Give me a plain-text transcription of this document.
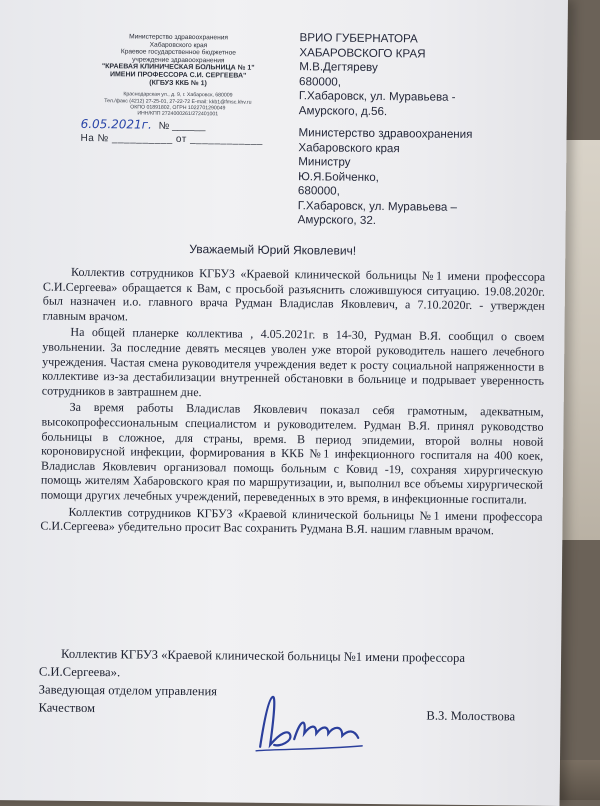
Министерство здравоохранения
Хабаровского края
Краевое государственное бюджетное
учреждение здравоохранения
"КРАЕВАЯ КЛИНИЧЕСКАЯ БОЛЬНИЦА № 1"
ИМЕНИ ПРОФЕССОРА С.И. СЕРГЕЕВА"
(КГБУЗ ККБ № 1)
Краснодарская ул., д. 9, г. Хабаровск, 680009
Тел./факс (4212) 27-25-01, 27-22-72 E-mail: kkb1@fmsc.khv.ru
ОКПО 01891802, ОГРН 1022701290049
ИНН/КПП 2724000261/272401001
6.05.2021г. № ______
На № __________ от ____________
ВРИО ГУБЕРНАТОРА
ХАБАРОВСКОГО КРАЯ
М.В.Дегтяреву
680000,
Г.Хабаровск, ул. Муравьева -
Амурского, д.56.
Министерство здравоохранения
Хабаровского края
Министру
Ю.Я.Бойченко,
680000,
Г.Хабаровск, ул. Муравьева –
Амурского, 32.
Уважаемый Юрий Яковлевич!

Коллектив сотрудников КГБУЗ «Краевой клинической больницы №1 имени профессора С.И.Сергеева» обращается к Вам, с просьбой разъяснить сложившуюся ситуацию. 19.08.2020г. был назначен и.о. главного врача Рудман Владислав Яковлевич, а 7.10.2020г. - утвержден главным врачом.

На общей планерке коллектива , 4.05.2021г. в 14-30, Рудман В.Я. сообщил о своем увольнении. За последние девять месяцев уволен уже второй руководитель нашего лечебного учреждения. Частая смена руководителя учреждения ведет к росту социальной напряженности в коллективе из-за дестабилизации внутренней обстановки в больнице и подрывает уверенность сотрудников в завтрашнем дне.

За время работы Владислав Яковлевич показал себя грамотным, адекватным, высокопрофессиональным специалистом и руководителем. Рудман В.Я. принял руководство больницы в сложное, для страны, время. В период эпидемии, второй волны новой короновирусной инфекции, формирования в ККБ №1 инфекционного госпиталя на 400 коек, Владислав Яковлевич организовал помощь больным с Ковид -19, сохраняя хирургическую помощь жителям Хабаровского края по маршрутизации, и, выполнил все объемы хирургической помощи других лечебных учреждений, переведенных в это время, в инфекционные госпитали.

Коллектив сотрудников КГБУЗ «Краевой клинической больницы №1 имени профессора С.И.Сергеева» убедительно просит Вас сохранить Рудмана В.Я. нашим главным врачом.

Коллектив КГБУЗ «Краевой клинической больницы №1 имени профессора С.И.Сергеева».
Заведующая отделом управления
Качеством
В.З. Молоствова
